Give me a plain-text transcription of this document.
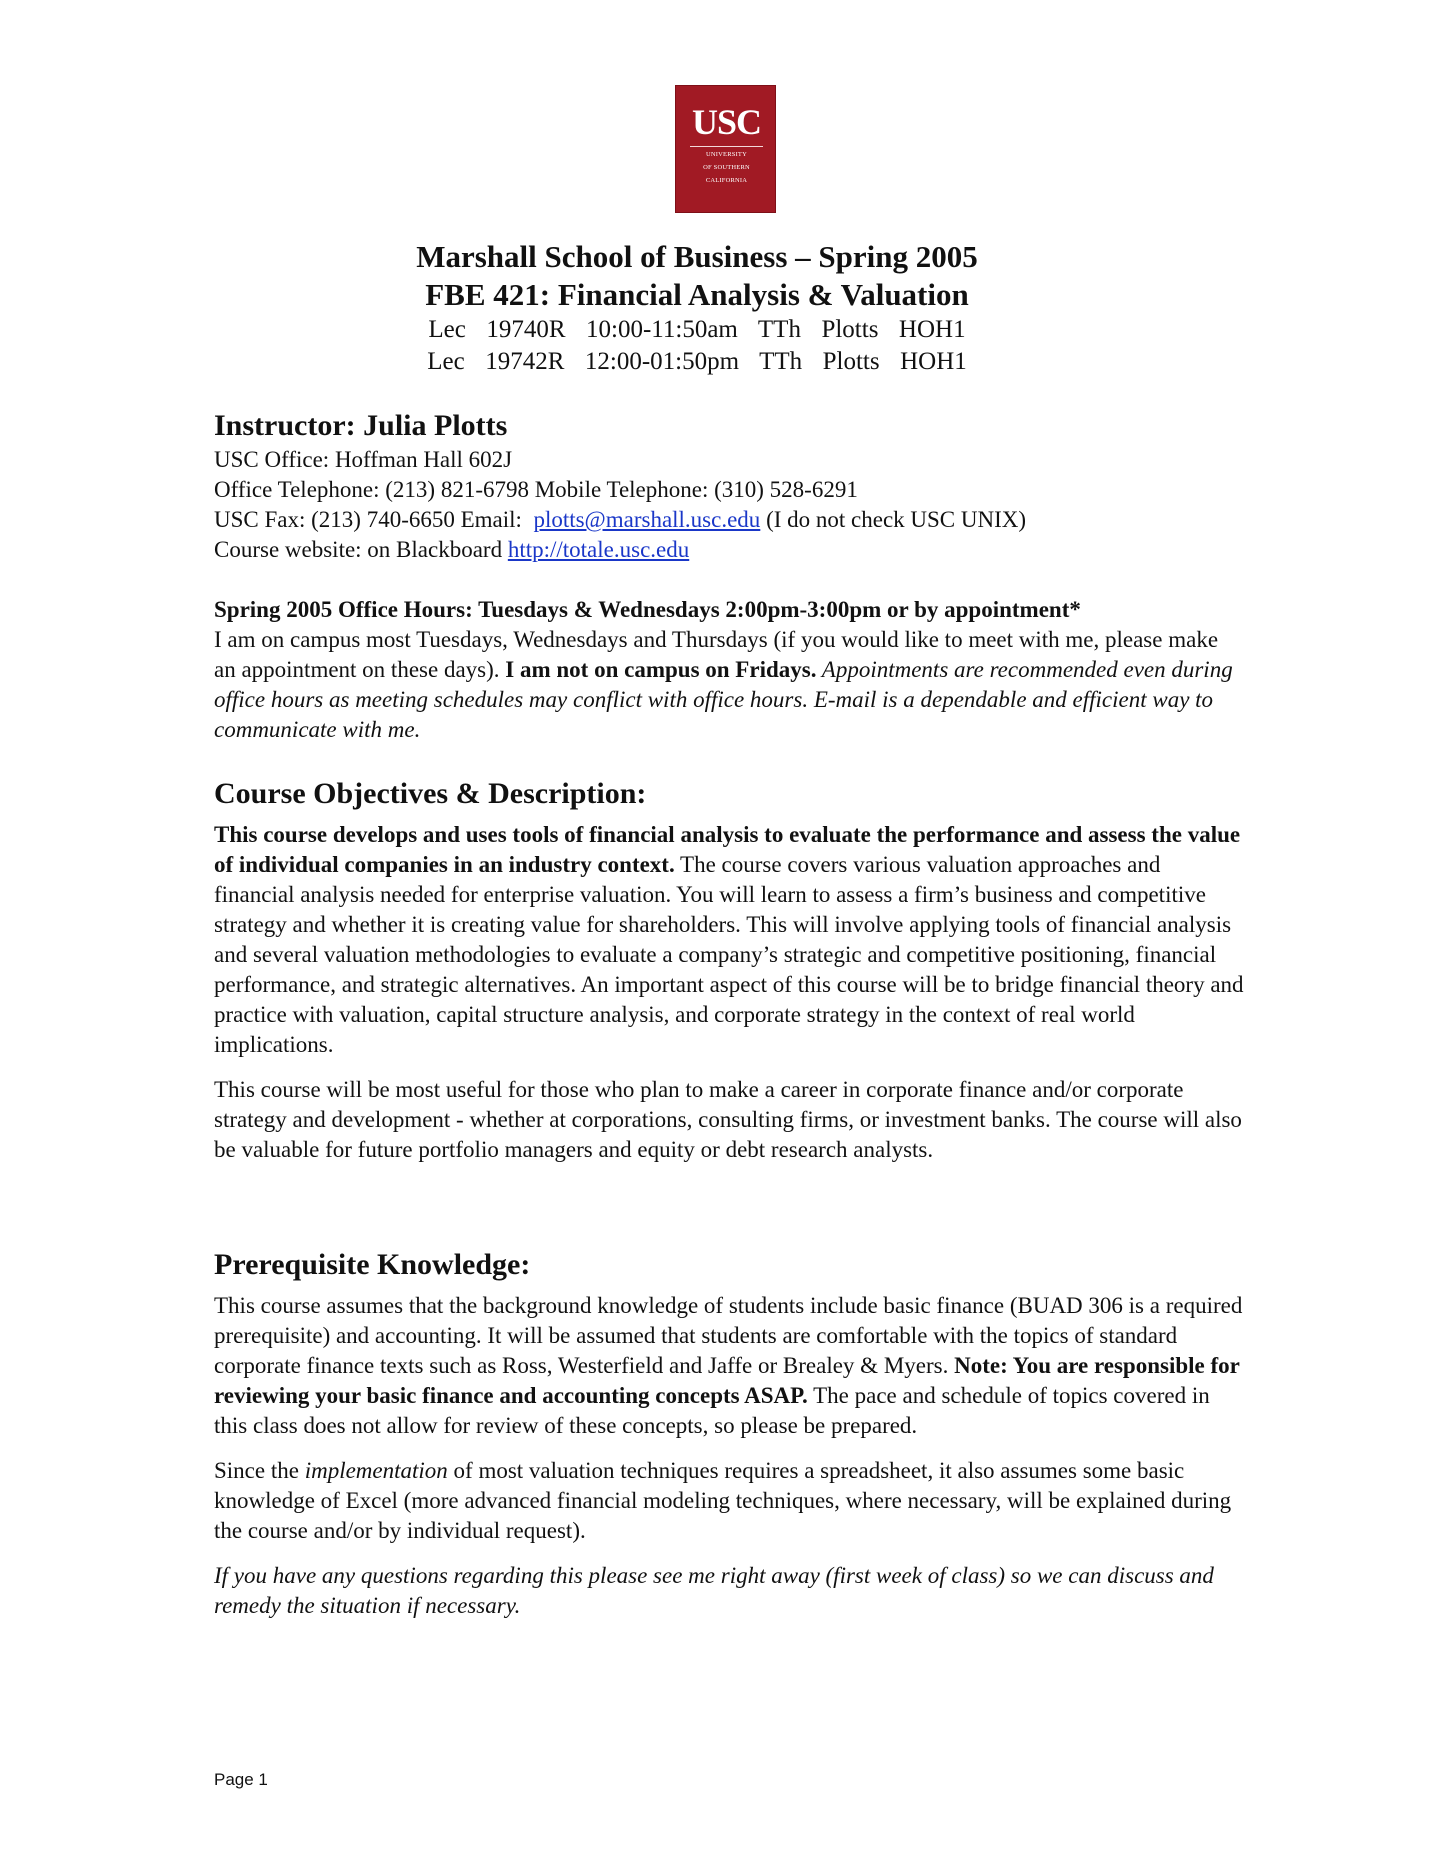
USC
UNIVERSITY
OF SOUTHERN
CALIFORNIA
Marshall School of Business – Spring 2005
FBE 421: Financial Analysis & Valuation
Lec  19740R  10:00-11:50am  TTh  Plotts  HOH1
Lec  19742R  12:00-01:50pm  TTh  Plotts  HOH1
Instructor: Julia Plotts
USC Office: Hoffman Hall 602J
Office Telephone: (213) 821-6798 Mobile Telephone: (310) 528-6291
USC Fax: (213) 740-6650 Email:  plotts@marshall.usc.edu (I do not check USC UNIX)
Course website: on Blackboard http://totale.usc.edu
Spring 2005 Office Hours: Tuesdays & Wednesdays 2:00pm-3:00pm or by appointment*

I am on campus most Tuesdays, Wednesdays and Thursdays (if you would like to meet with me, please make an appointment on these days). I am not on campus on Fridays. Appointments are recommended even during office hours as meeting schedules may conflict with office hours. E-mail is a dependable and efficient way to communicate with me.

Course Objectives & Description:

This course develops and uses tools of financial analysis to evaluate the performance and assess the value of individual companies in an industry context. The course covers various valuation approaches and financial analysis needed for enterprise valuation. You will learn to assess a firm’s business and competitive strategy and whether it is creating value for shareholders. This will involve applying tools of financial analysis and several valuation methodologies to evaluate a company’s strategic and competitive positioning, financial performance, and strategic alternatives. An important aspect of this course will be to bridge financial theory and practice with valuation, capital structure analysis, and corporate strategy in the context of real world implications.

This course will be most useful for those who plan to make a career in corporate finance and/or corporate strategy and development - whether at corporations, consulting firms, or investment banks. The course will also be valuable for future portfolio managers and equity or debt research analysts.

Prerequisite Knowledge:

This course assumes that the background knowledge of students include basic finance (BUAD 306 is a required prerequisite) and accounting. It will be assumed that students are comfortable with the topics of standard corporate finance texts such as Ross, Westerfield and Jaffe or Brealey & Myers. Note: You are responsible for reviewing your basic finance and accounting concepts ASAP. The pace and schedule of topics covered in this class does not allow for review of these concepts, so please be prepared.

Since the implementation of most valuation techniques requires a spreadsheet, it also assumes some basic knowledge of Excel (more advanced financial modeling techniques, where necessary, will be explained during the course and/or by individual request).

If you have any questions regarding this please see me right away (first week of class) so we can discuss and remedy the situation if necessary.

Page 1
